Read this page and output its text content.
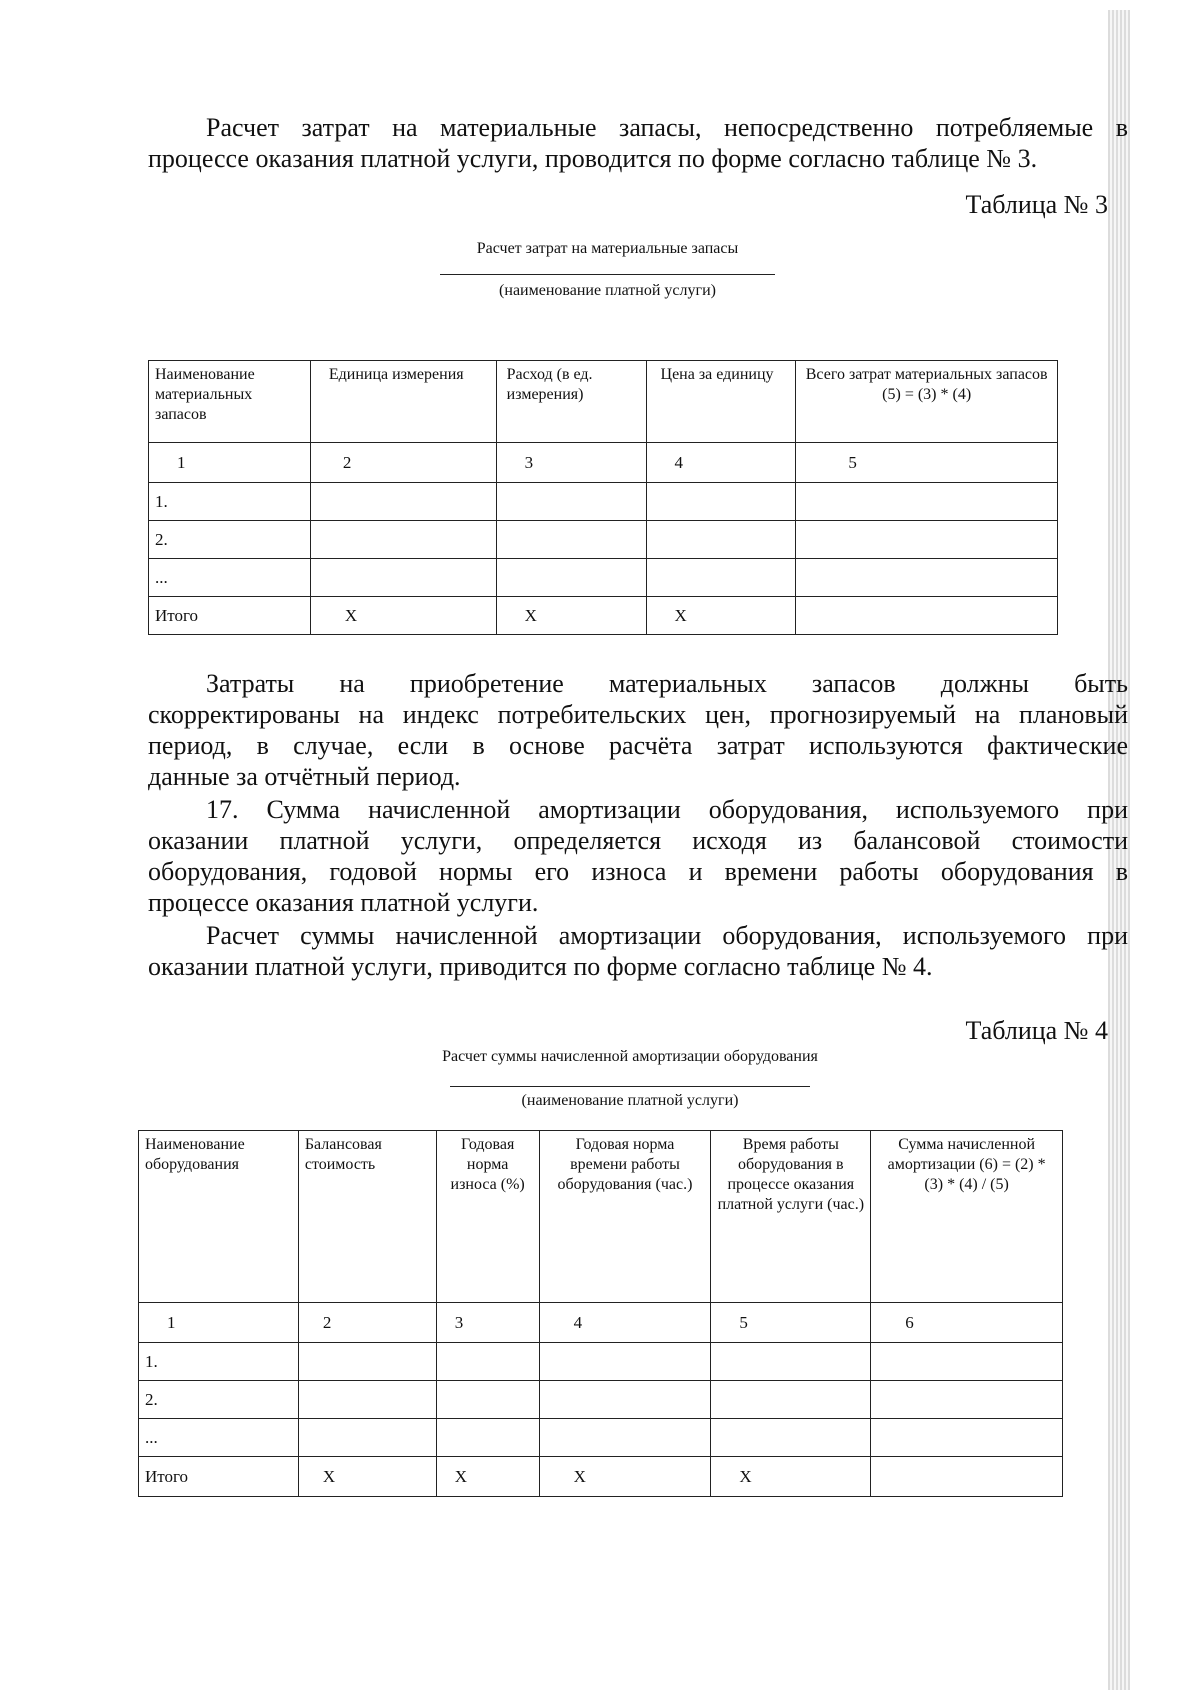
Расчет затрат на материальные запасы, непосредственно потребляемые в
процессе оказания платной услуги, проводится по форме согласно таблице № 3.
Таблица № 3
Расчет затрат на материальные запасы
(наименование платной услуги)
Наименование материальных запасов	Единица измерения	Расход (в ед. измерения)	Цена за единицу	Всего затрат материальных запасов (5) = (3) * (4)
1	2	3	4	5
1.				
2.				
...				
Итого	X	X	X	
Затраты на приобретение материальных запасов должны быть
скорректированы на индекс потребительских цен, прогнозируемый на плановый
период, в случае, если в основе расчёта затрат используются фактические
данные за отчётный период.
17. Сумма начисленной амортизации оборудования, используемого при
оказании платной услуги, определяется исходя из балансовой стоимости
оборудования, годовой нормы его износа и времени работы оборудования в
процессе оказания платной услуги.
Расчет суммы начисленной амортизации оборудования, используемого при
оказании платной услуги, приводится по форме согласно таблице № 4.
Таблица № 4
Расчет суммы начисленной амортизации оборудования
(наименование платной услуги)
Наименование оборудования	Балансовая стоимость	Годовая норма износа (%)	Годовая норма времени работы оборудования (час.)	Время работы оборудования в процессе оказания платной услуги (час.)	Сумма начисленной амортизации (6) = (2) * (3) * (4) / (5)
1	2	3	4	5	6
1.					
2.					
...					
Итого	X	X	X	X	
